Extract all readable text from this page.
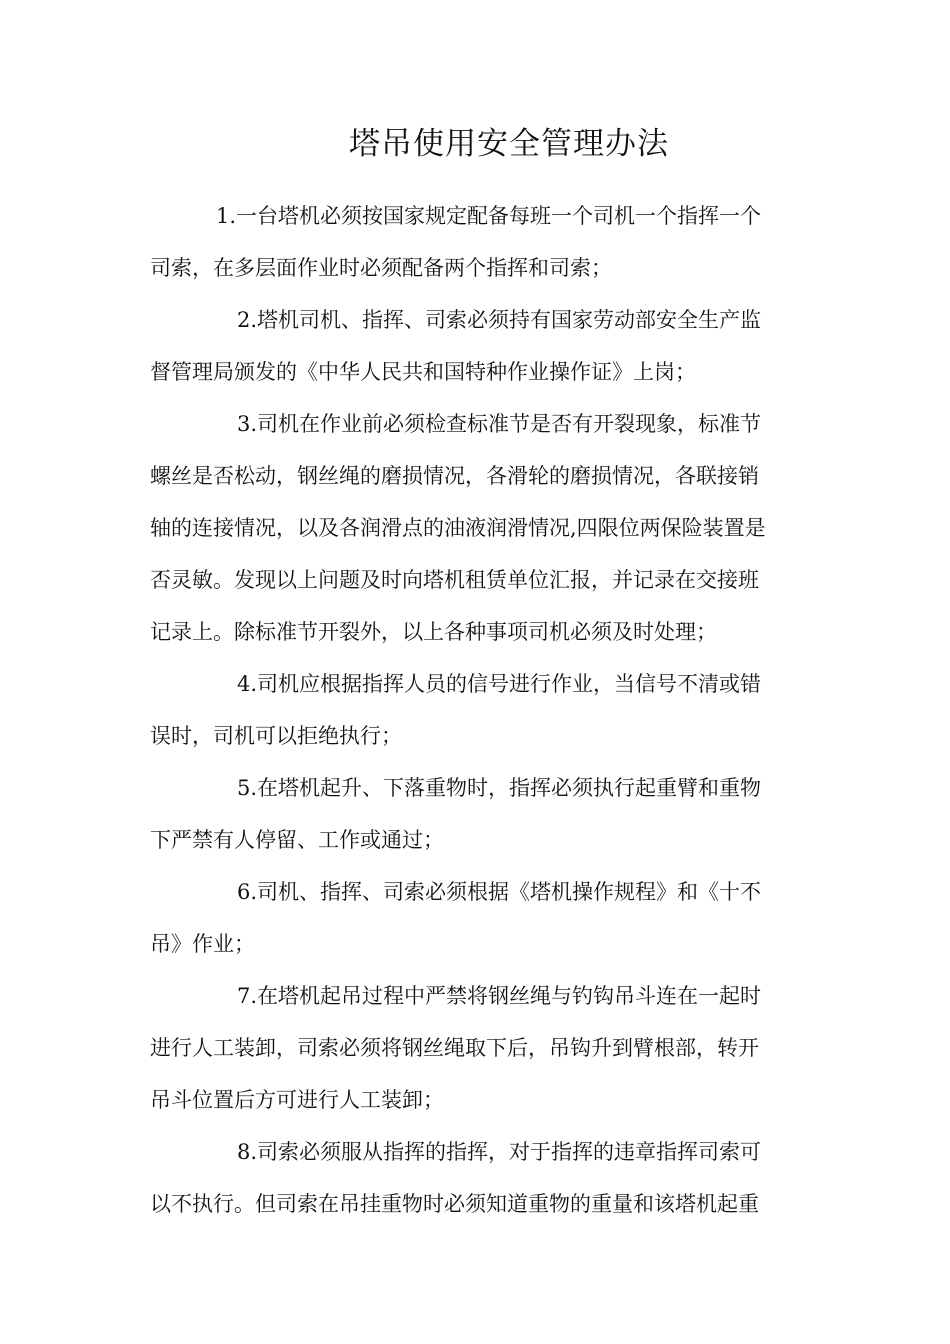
塔吊使用安全管理办法

1.一台塔机必须按国家规定配备每班一个司机一个指挥一个
司索，在多层面作业时必须配备两个指挥和司索；

2.塔机司机、指挥、司索必须持有国家劳动部安全生产监
督管理局颁发的《中华人民共和国特种作业操作证》上岗；

3.司机在作业前必须检查标准节是否有开裂现象，标准节
螺丝是否松动，钢丝绳的磨损情况，各滑轮的磨损情况，各联接销
轴的连接情况，以及各润滑点的油液润滑情况,四限位两保险装置是
否灵敏。发现以上问题及时向塔机租赁单位汇报，并记录在交接班
记录上。除标准节开裂外，以上各种事项司机必须及时处理；

4.司机应根据指挥人员的信号进行作业，当信号不清或错
误时，司机可以拒绝执行；

5.在塔机起升、下落重物时，指挥必须执行起重臂和重物
下严禁有人停留、工作或通过；

6.司机、指挥、司索必须根据《塔机操作规程》和《十不
吊》作业；

7.在塔机起吊过程中严禁将钢丝绳与钓钩吊斗连在一起时
进行人工装卸，司索必须将钢丝绳取下后，吊钩升到臂根部，转开
吊斗位置后方可进行人工装卸；

8.司索必须服从指挥的指挥，对于指挥的违章指挥司索可
以不执行。但司索在吊挂重物时必须知道重物的重量和该塔机起重
